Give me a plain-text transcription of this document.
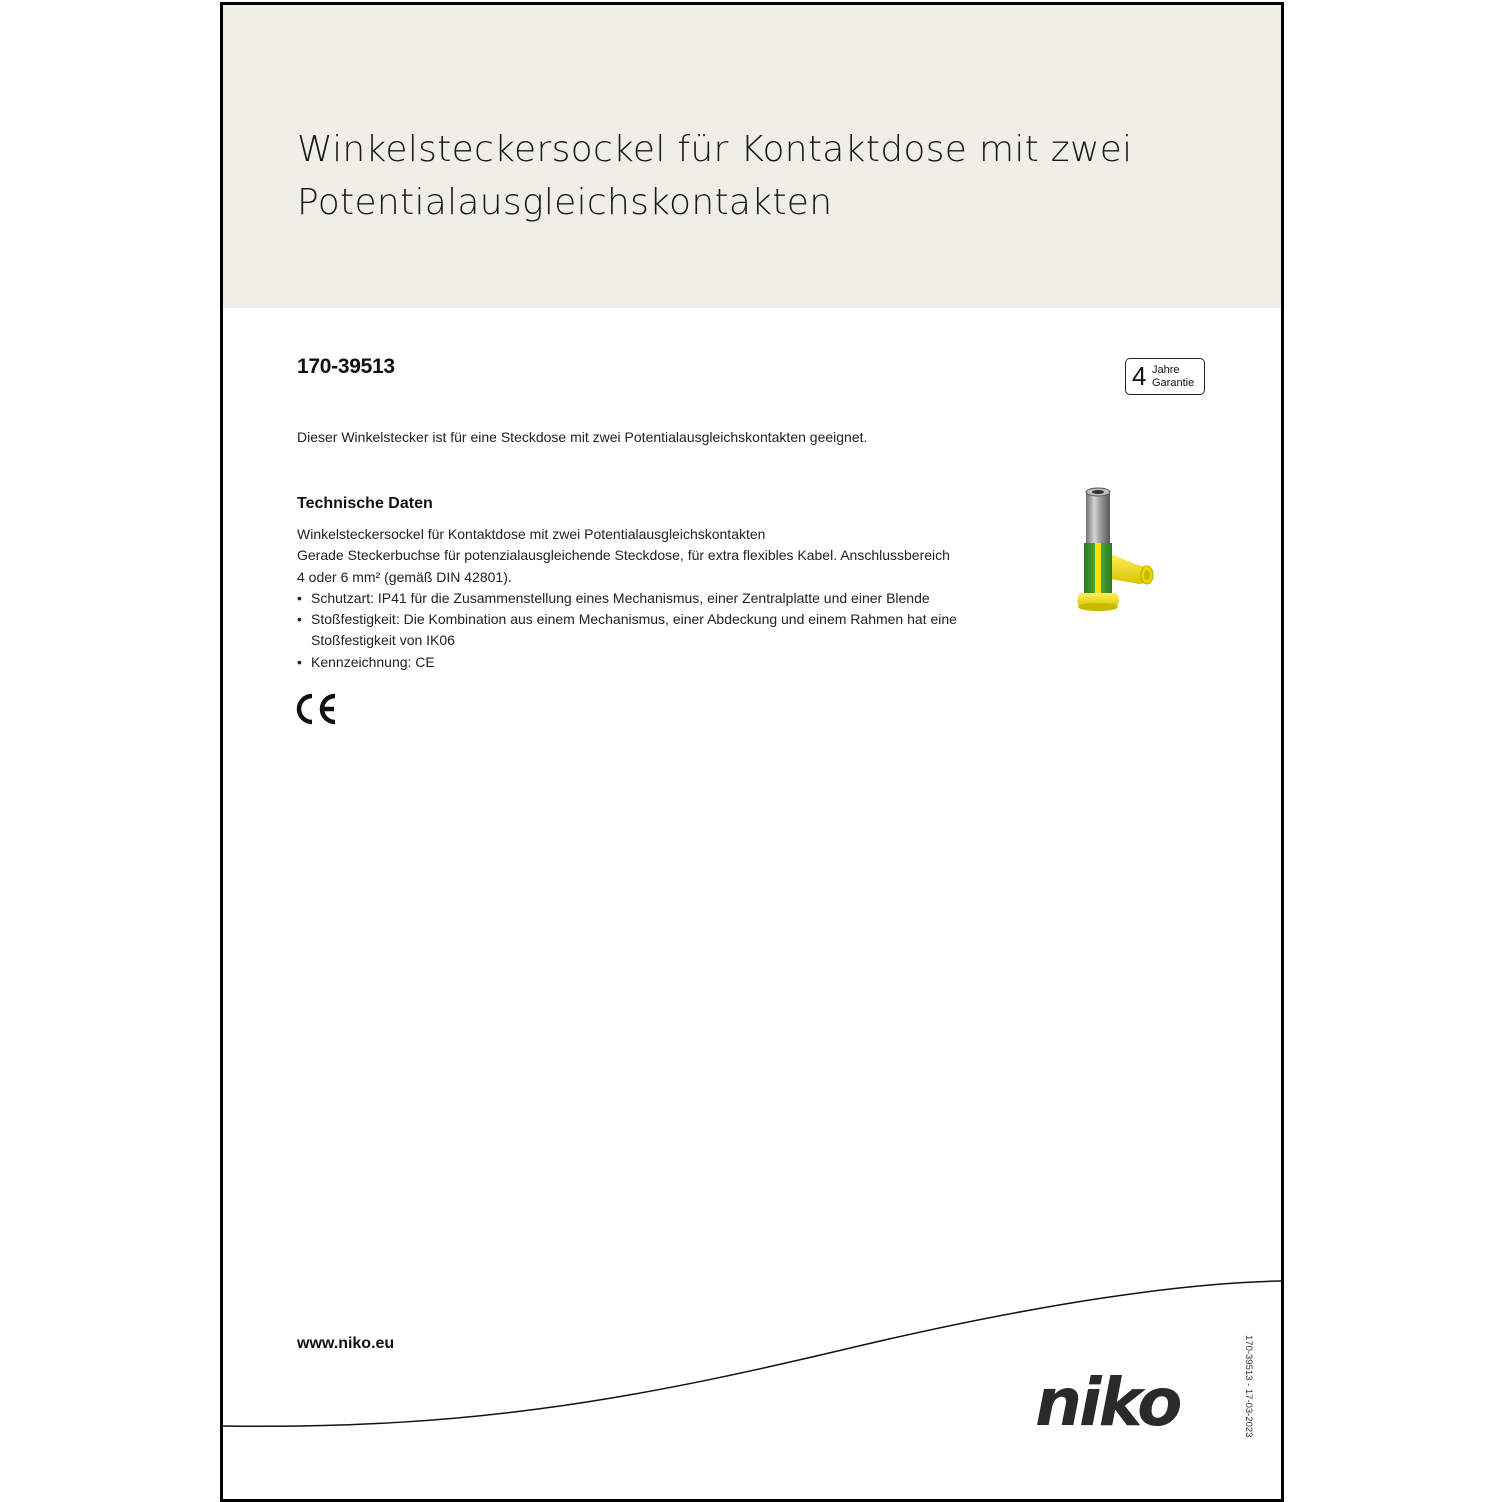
Winkelsteckersockel für Kontaktdose mit zwei
Potentialausgleichskontakten
170-39513	4 Jahre
Garantie
Dieser Winkelstecker ist für eine Steckdose mit zwei Potentialausgleichskontakten geeignet.
Technische Daten

Winkelsteckersockel für Kontaktdose mit zwei Potentialausgleichskontakten

Gerade Steckerbuchse für potenzialausgleichende Steckdose, für extra flexibles Kabel. Anschlussbereich 4 oder 6 mm² (gemäß DIN 42801).

• Schutzart: IP41 für die Zusammenstellung eines Mechanismus, einer Zentralplatte und einer Blende
• Stoßfestigkeit: Die Kombination aus einem Mechanismus, einer Abdeckung und einem Rahmen hat eine Stoßfestigkeit von IK06
• Kennzeichnung: CE
www.niko.eu
niko	170-39513 - 17-03-2023
